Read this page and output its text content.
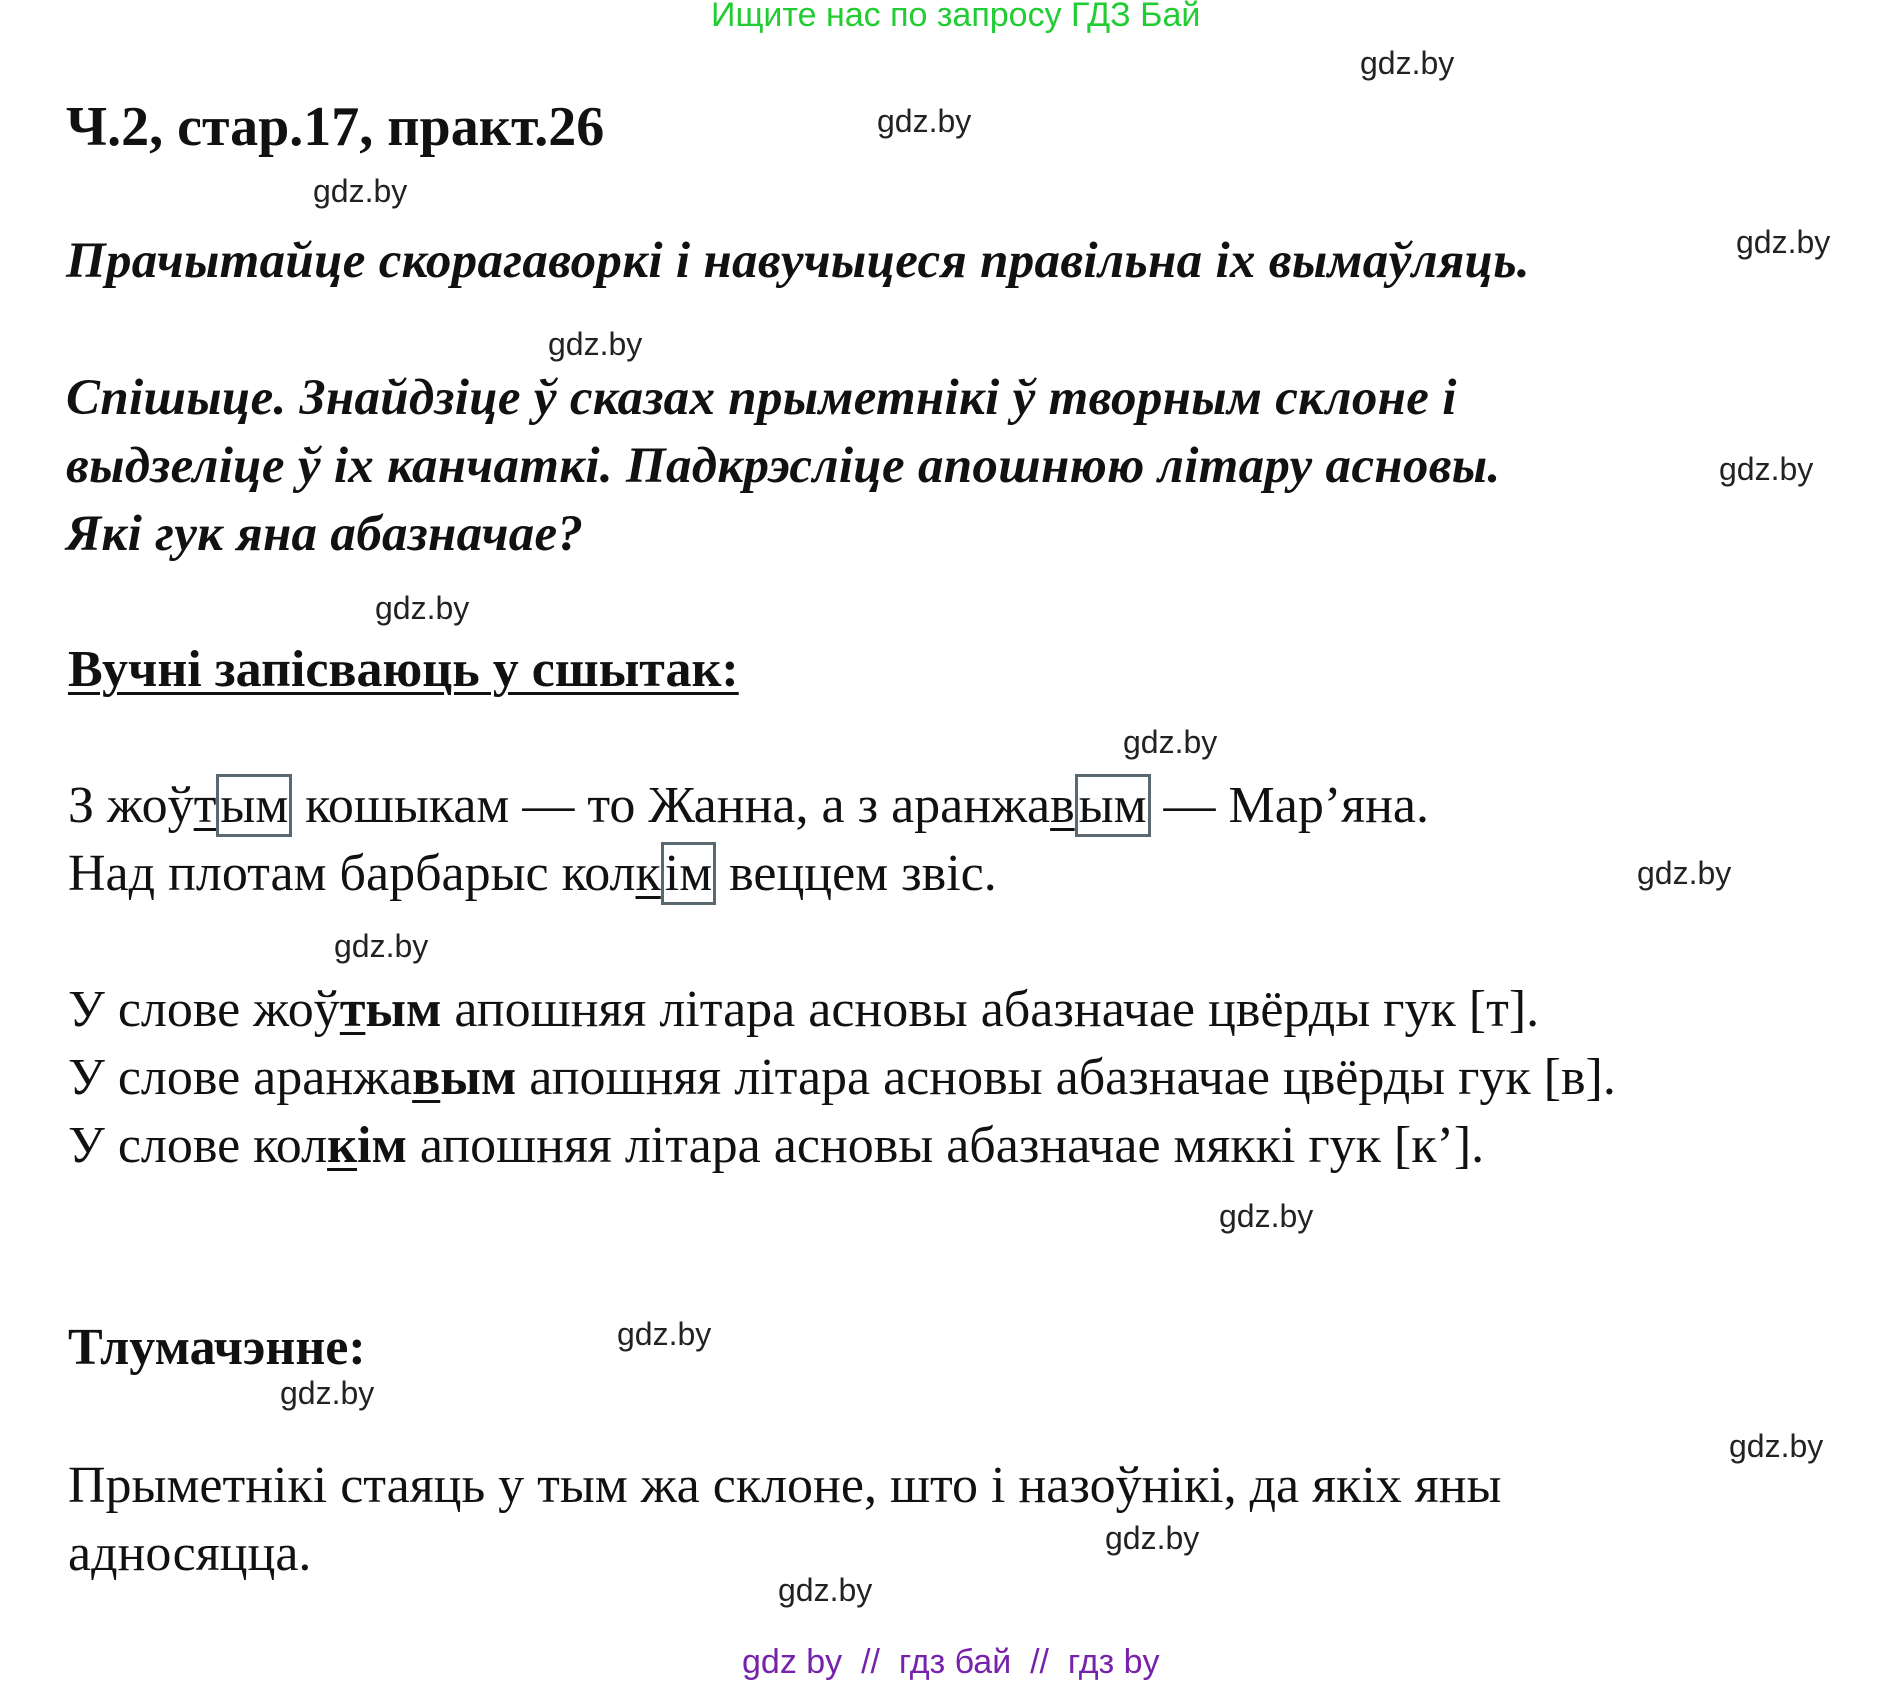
Ищите нас по запросу ГДЗ Бай
Ч.2, стар.17, практ.26
Прачытайце скорагаворкі і навучыцеся правільна іх вымаўляць.
Спішыце. Знайдзіце ў сказах прыметнікі ў творным склоне і
выдзеліце ў іх канчаткі. Падкрэсліце апошнюю літару асновы.
Які гук яна абазначае?
Вучні запісваюць у сшытак:
З жоўтым кошыкам — то Жанна, а з аранжавым — Мар’яна.
Над плотам барбарыс колкім веццем звіс.
У слове жоўтым апошняя літара асновы абазначае цвёрды гук [т].
У слове аранжавым апошняя літара асновы абазначае цвёрды гук [в].
У слове колкім апошняя літара асновы абазначае мяккі гук [к’].
Тлумачэнне:
Прыметнікі стаяць у тым жа склоне, што і назоўнікі, да якіх яны
адносяцца.
gdz.by
gdz.by
gdz.by
gdz.by
gdz.by
gdz.by
gdz.by
gdz.by
gdz.by
gdz.by
gdz.by
gdz.by
gdz.by
gdz.by
gdz.by
gdz.by
gdz by  //  гдз бай  //  гдз by
